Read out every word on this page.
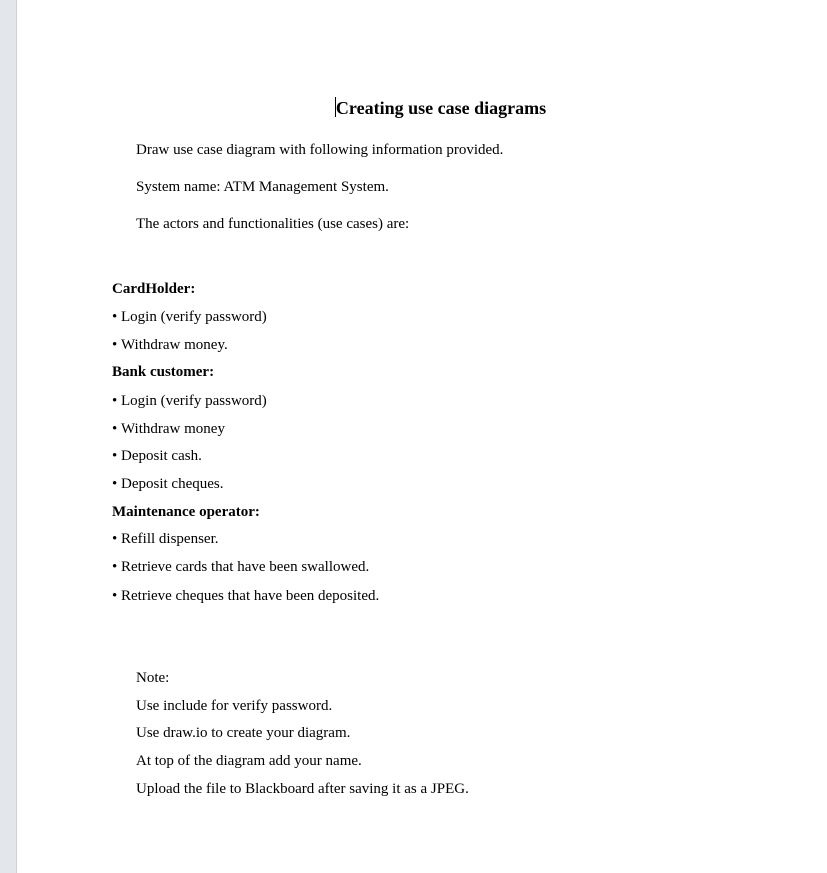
Creating use case diagrams
Draw use case diagram with following information provided.
System name: ATM Management System.
The actors and functionalities (use cases) are:
CardHolder:
• Login (verify password)
• Withdraw money.
Bank customer:
• Login (verify password)
• Withdraw money
• Deposit cash.
• Deposit cheques.
Maintenance operator:
• Refill dispenser.
• Retrieve cards that have been swallowed.
• Retrieve cheques that have been deposited.
Note:
Use include for verify password.
Use draw.io to create your diagram.
At top of the diagram add your name.
Upload the file to Blackboard after saving it as a JPEG.
